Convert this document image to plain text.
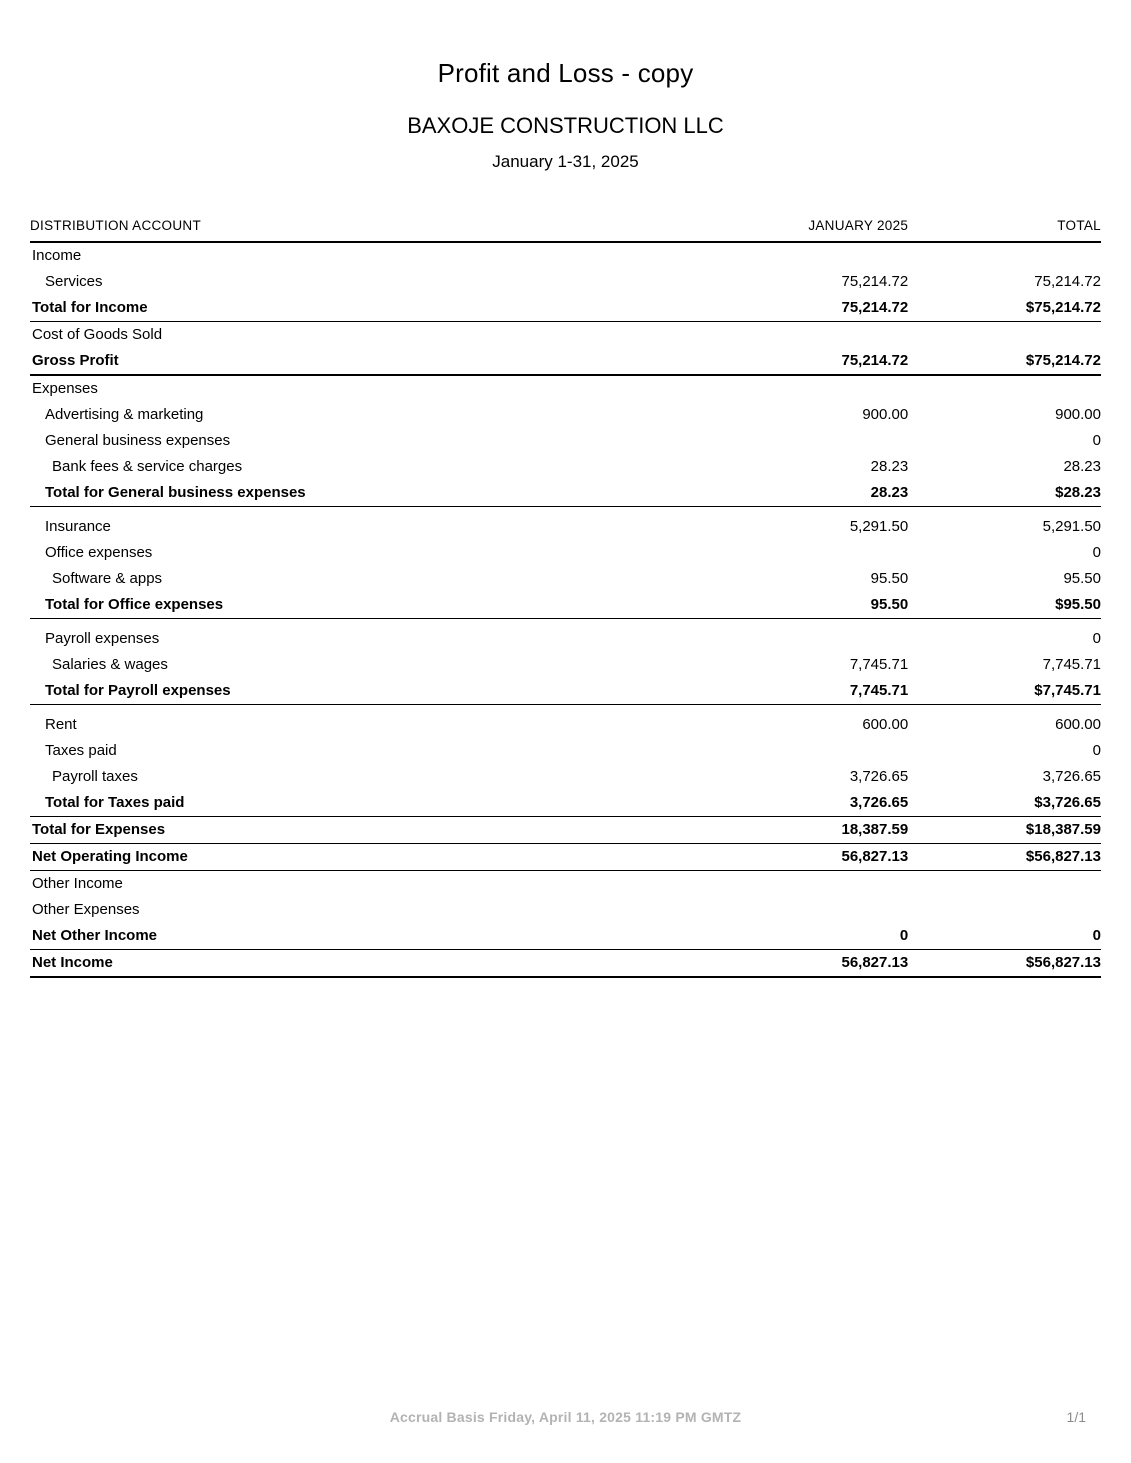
Profit and Loss - copy
BAXOJE CONSTRUCTION LLC
January 1-31, 2025
DISTRIBUTION ACCOUNT	JANUARY 2025	TOTAL
Income		
Services	75,214.72	75,214.72
Total for Income	75,214.72	$75,214.72
Cost of Goods Sold		
Gross Profit	75,214.72	$75,214.72
Expenses		
Advertising & marketing	900.00	900.00
General business expenses		0
Bank fees & service charges	28.23	28.23
Total for General business expenses	28.23	$28.23

Insurance	5,291.50	5,291.50
Office expenses		0
Software & apps	95.50	95.50
Total for Office expenses	95.50	$95.50

Payroll expenses		0
Salaries & wages	7,745.71	7,745.71
Total for Payroll expenses	7,745.71	$7,745.71

Rent	600.00	600.00
Taxes paid		0
Payroll taxes	3,726.65	3,726.65
Total for Taxes paid	3,726.65	$3,726.65
Total for Expenses	18,387.59	$18,387.59
Net Operating Income	56,827.13	$56,827.13
Other Income		
Other Expenses		
Net Other Income	0	0
Net Income	56,827.13	$56,827.13
Accrual Basis Friday, April 11, 2025 11:19 PM GMTZ	1/1
